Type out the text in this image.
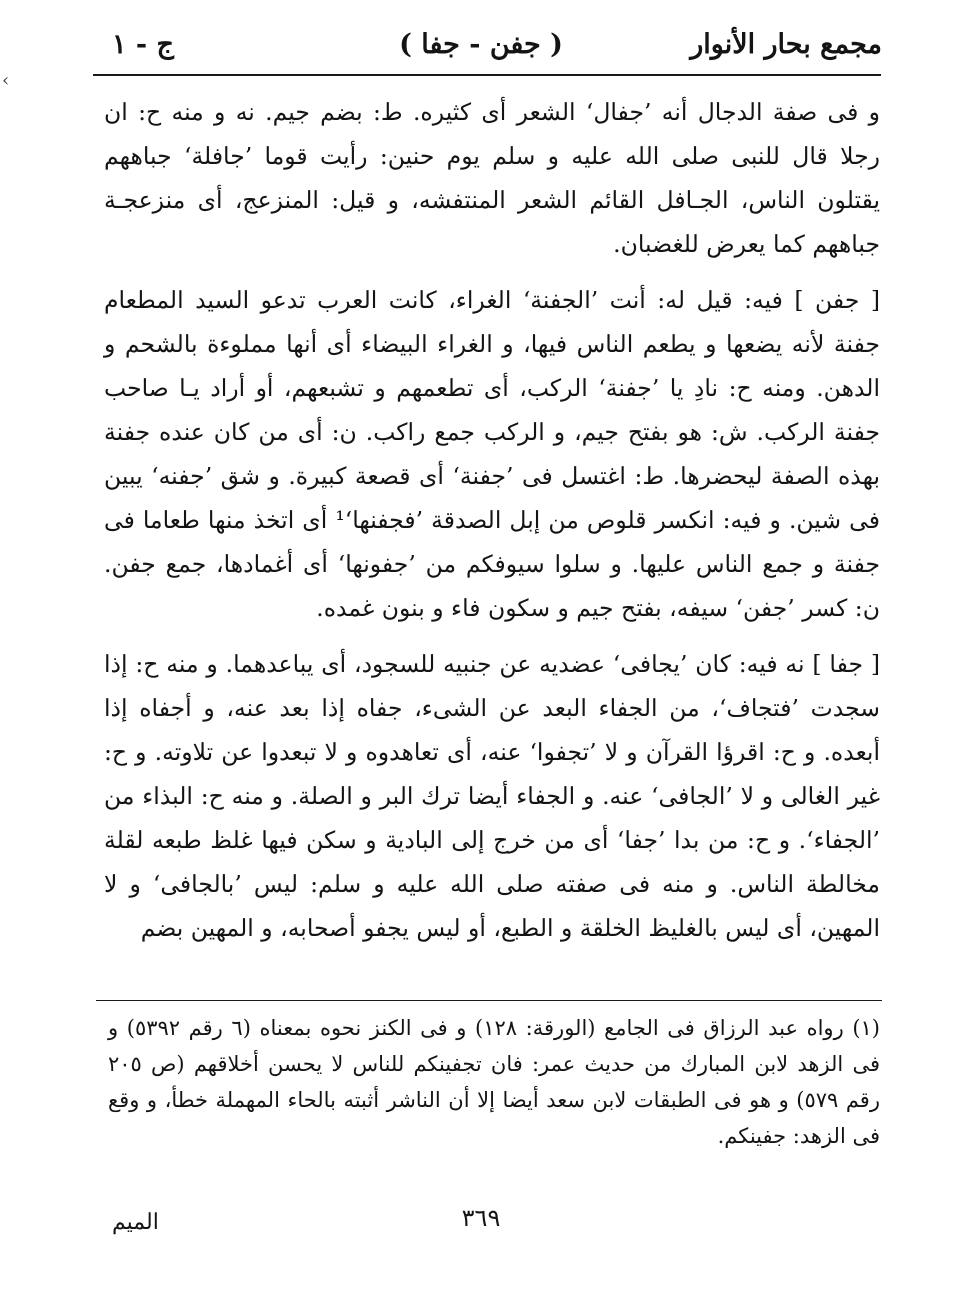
‹
مجمع بحار الأنوار
( جفن - جفا )
ج - ١

و فى صفة الدجال أنه ’جفال‘ الشعر أى كثيره. ط: بضم جيم. نه و منه ح: ان رجلا قال للنبى صلى الله عليه و سلم يوم حنين: رأيت قوما ’جافلة‘ جباههم يقتلون الناس، الجـافل القائم الشعر المنتفشه، و قيل: المنزعج، أى منزعجـة جباههم كما يعرض للغضبان.

[ جفن ] فيه: قيل له: أنت ’الجفنة‘ الغراء، كانت العرب تدعو السيد المطعام جفنة لأنه يضعها و يطعم الناس فيها، و الغراء البيضاء أى أنها مملوءة بالشحم و الدهن. ومنه ح: نادِ يا ’جفنة‘ الركب، أى تطعمهم و تشبعهم، أو أراد يـا صاحب جفنة الركب. ش: هو بفتح جيم، و الركب جمع راكب. ن: أى من كان عنده جفنة بهذه الصفة ليحضرها. ط: اغتسل فى ’جفنة‘ أى قصعة كبيرة. و شق ’جفنه‘ يبين فى شين. و فيه: انكسر قلوص من إبل الصدقة ’فجفنها‘¹ أى اتخذ منها طعاما فى جفنة و جمع الناس عليها. و سلوا سيوفكم من ’جفونها‘ أى أغمادها، جمع جفن. ن: كسر ’جفن‘ سيفه، بفتح جيم و سكون فاء و بنون غمده.

[ جفا ] نه فيه: كان ’يجافى‘ عضديه عن جنبيه للسجود، أى يباعدهما. و منه ح: إذا سجدت ’فتجاف‘، من الجفاء البعد عن الشىء، جفاه إذا بعد عنه، و أجفاه إذا أبعده. و ح: اقرؤا القرآن و لا ’تجفوا‘ عنه، أى تعاهدوه و لا تبعدوا عن تلاوته. و ح: غير الغالى و لا ’الجافى‘ عنه. و الجفاء أيضا ترك البر و الصلة. و منه ح: البذاء من ’الجفاء‘. و ح: من بدا ’جفا‘ أى من خرج إلى البادية و سكن فيها غلظ طبعه لقلة مخالطة الناس. و منه فى صفته صلى الله عليه و سلم: ليس ’بالجافى‘ و لا المهين، أى ليس بالغليظ الخلقة و الطبع، أو ليس يجفو أصحابه، و المهين بضم

(١) رواه عبد الرزاق فى الجامع (الورقة: ١٢٨) و فى الكنز نحوه بمعناه (٦ رقم ٥٣٩٢) و فى الزهد لابن المبارك من حديث عمر: فان تجفينكم للناس لا يحسن أخلاقهم (ص ٢٠٥ رقم ٥٧٩) و هو فى الطبقات لابن سعد أيضا إلا أن الناشر أثبته بالحاء المهملة خطأ، و وقع فى الزهد: جفينكم.

٣٦٩
الميم
